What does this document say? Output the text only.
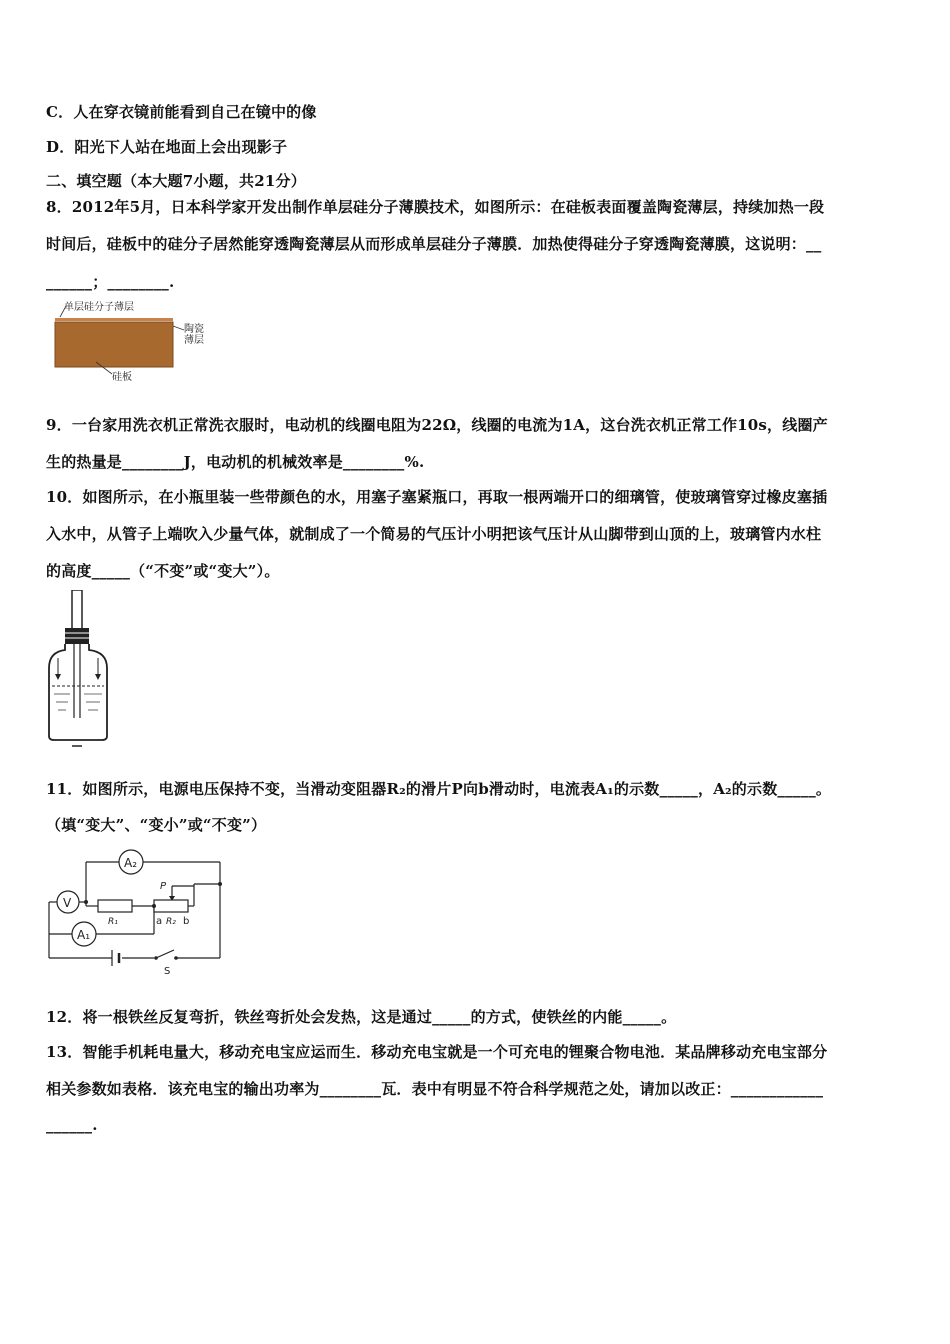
C．人在穿衣镜前能看到自己在镜中的像
D．阳光下人站在地面上会出现影子
二、填空题（本大题7小题，共21分）
8．2012年5月，日本科学家开发出制作单层硅分子薄膜技术，如图所示：在硅板表面覆盖陶瓷薄层，持续加热一段
时间后，硅板中的硅分子居然能穿透陶瓷薄层从而形成单层硅分子薄膜．加热使得硅分子穿透陶瓷薄膜，这说明：__
______；________.
单层硅分子薄层
陶瓷
薄层
硅板
9．一台家用洗衣机正常洗衣服时，电动机的线圈电阻为22Ω，线圈的电流为1A，这台洗衣机正常工作10s，线圈产
生的热量是________J，电动机的机械效率是________%.
10．如图所示，在小瓶里装一些带颜色的水，用塞子塞紧瓶口，再取一根两端开口的细璃管，使玻璃管穿过橡皮塞插
入水中，从管子上端吹入少量气体，就制成了一个简易的气压计小明把该气压计从山脚带到山顶的上，玻璃管内水柱
的高度_____（“不变”或“变大”）。
11．如图所示，电源电压保持不变，当滑动变阻器R₂的滑片P向b滑动时，电流表A₁的示数_____，A₂的示数_____。
（填“变大”、“变小”或“不变”）
A₂
V
A₁
R₁
P
a R₂ b
S
12．将一根铁丝反复弯折，铁丝弯折处会发热，这是通过_____的方式，使铁丝的内能_____。
13．智能手机耗电量大，移动充电宝应运而生．移动充电宝就是一个可充电的锂聚合物电池．某品牌移动充电宝部分
相关参数如表格．该充电宝的输出功率为________瓦．表中有明显不符合科学规范之处，请加以改正：____________
______.
